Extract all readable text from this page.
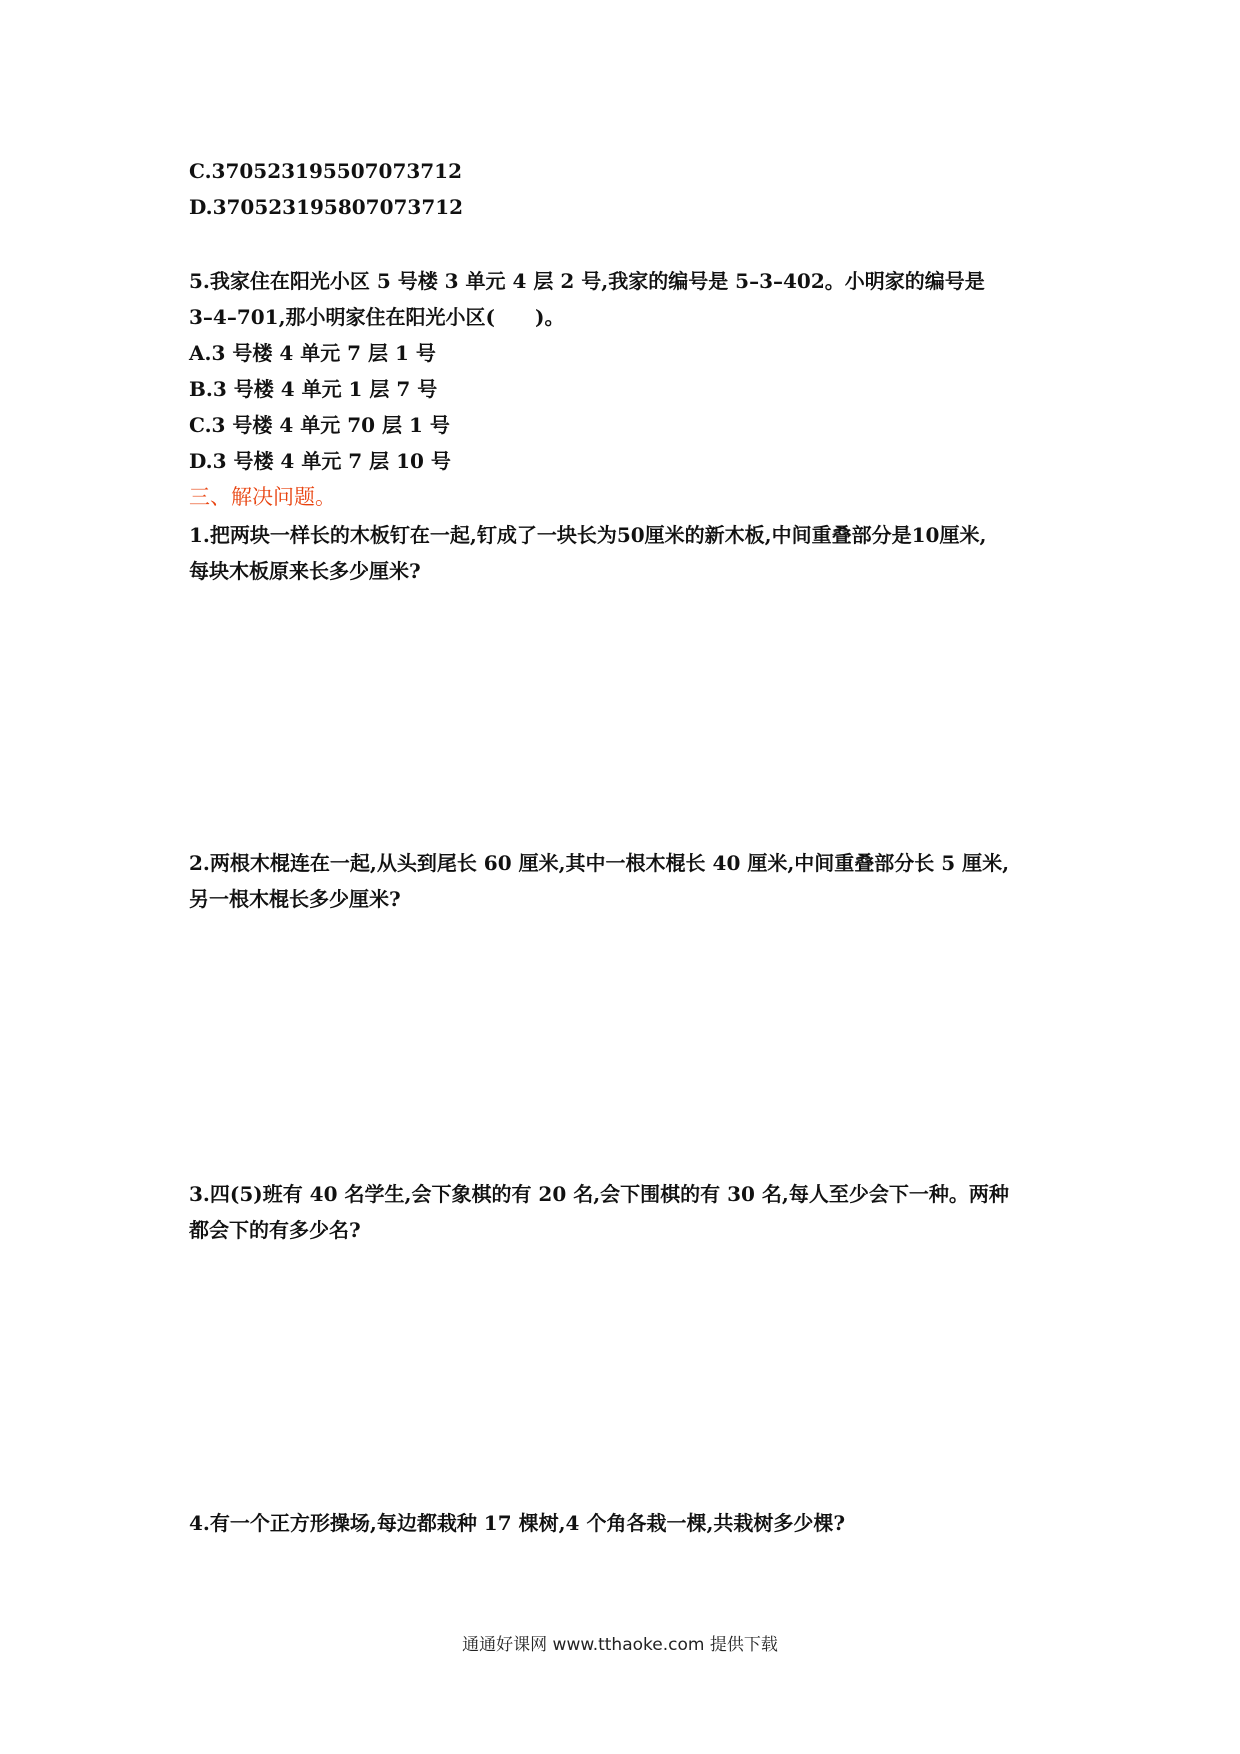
C.370523195507073712
D.370523195807073712
5.我家住在阳光小区 5 号楼 3 单元 4 层 2 号,我家的编号是 5–3–402。小明家的编号是
3–4–701,那小明家住在阳光小区(　　)。
A.3 号楼 4 单元 7 层 1 号
B.3 号楼 4 单元 1 层 7 号
C.3 号楼 4 单元 70 层 1 号
D.3 号楼 4 单元 7 层 10 号
三、解决问题。
1.把两块一样长的木板钉在一起,钉成了一块长为50厘米的新木板,中间重叠部分是10厘米,
每块木板原来长多少厘米?
2.两根木棍连在一起,从头到尾长 60 厘米,其中一根木棍长 40 厘米,中间重叠部分长 5 厘米,
另一根木棍长多少厘米?
3.四(5)班有 40 名学生,会下象棋的有 20 名,会下围棋的有 30 名,每人至少会下一种。两种
都会下的有多少名?
4.有一个正方形操场,每边都栽种 17 棵树,4 个角各栽一棵,共栽树多少棵?
通通好课网 www.tthaoke.com 提供下载
